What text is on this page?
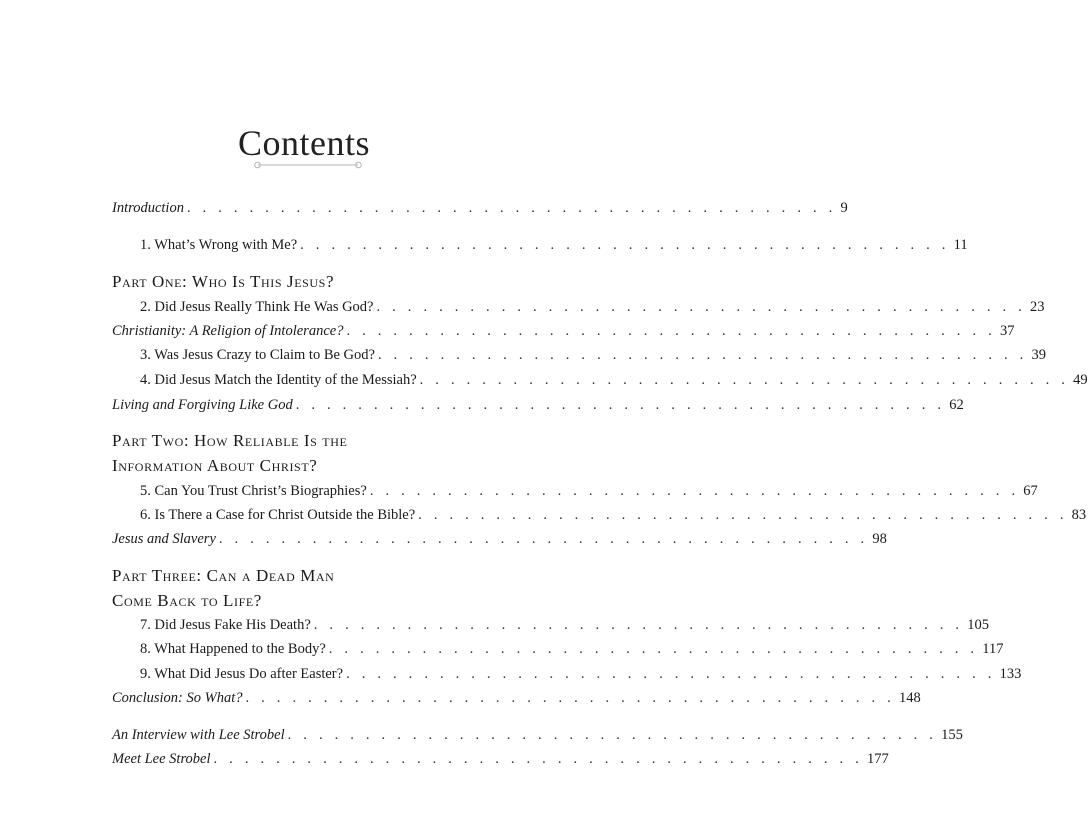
Contents
Introduction . . . . . . . . . . . . . . . . . . . . . . . . . . . . . . . . . . . . . . . . . . 9
1. What’s Wrong with Me? . . . . . . . . . . . . . . . . . . . . . . . . . . . . . . . . . . . . . . . . . . 11
Part One: Who Is This Jesus?
2. Did Jesus Really Think He Was God? . . . . . . . . . . . . . . . . . . . . . . . . . . . . . . . . . . . . . . . . . . 23
Christianity: A Religion of Intolerance? . . . . . . . . . . . . . . . . . . . . . . . . . . . . . . . . . . . . . . . . . . 37
3. Was Jesus Crazy to Claim to Be God? . . . . . . . . . . . . . . . . . . . . . . . . . . . . . . . . . . . . . . . . . . 39
4. Did Jesus Match the Identity of the Messiah? . . . . . . . . . . . . . . . . . . . . . . . . . . . . . . . . . . . . . . . . . . 49
Living and Forgiving Like God . . . . . . . . . . . . . . . . . . . . . . . . . . . . . . . . . . . . . . . . . . 62
Part Two: How Reliable Is the
Information About Christ?
5. Can You Trust Christ’s Biographies? . . . . . . . . . . . . . . . . . . . . . . . . . . . . . . . . . . . . . . . . . . 67
6. Is There a Case for Christ Outside the Bible? . . . . . . . . . . . . . . . . . . . . . . . . . . . . . . . . . . . . . . . . . . 83
Jesus and Slavery . . . . . . . . . . . . . . . . . . . . . . . . . . . . . . . . . . . . . . . . . . 98
Part Three: Can a Dead Man
Come Back to Life?
7. Did Jesus Fake His Death? . . . . . . . . . . . . . . . . . . . . . . . . . . . . . . . . . . . . . . . . . . 105
8. What Happened to the Body? . . . . . . . . . . . . . . . . . . . . . . . . . . . . . . . . . . . . . . . . . . 117
9. What Did Jesus Do after Easter? . . . . . . . . . . . . . . . . . . . . . . . . . . . . . . . . . . . . . . . . . . 133
Conclusion: So What? . . . . . . . . . . . . . . . . . . . . . . . . . . . . . . . . . . . . . . . . . . 148
An Interview with Lee Strobel . . . . . . . . . . . . . . . . . . . . . . . . . . . . . . . . . . . . . . . . . . 155
Meet Lee Strobel . . . . . . . . . . . . . . . . . . . . . . . . . . . . . . . . . . . . . . . . . . 177
